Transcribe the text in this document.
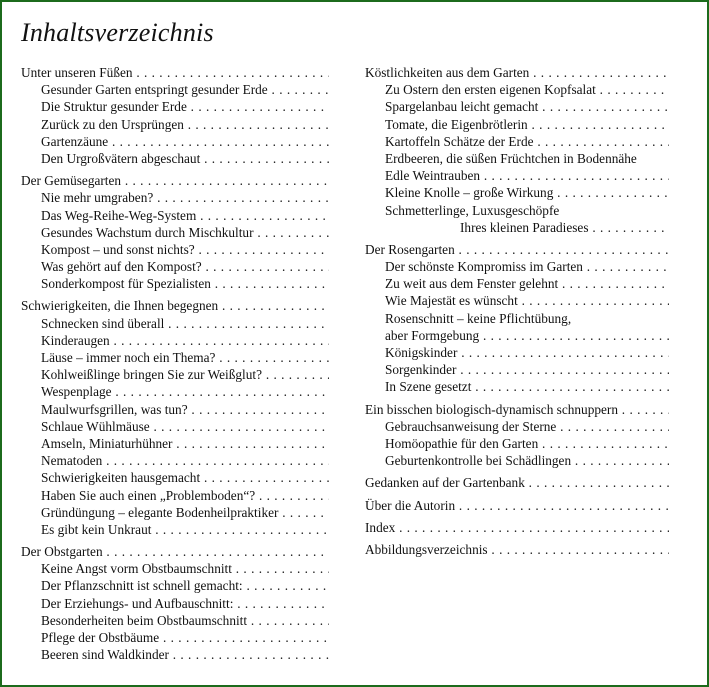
Inhaltsverzeichnis
Unter unseren Füßen . . .
Gesunder Garten entspringt gesunder Erde . . .
Die Struktur gesunder Erde . . .
Zurück zu den Ursprüngen . . .
Gartenzäune . . .
Den Urgroßvätern abgeschaut . . .
Der Gemüsegarten . . .
Nie mehr umgraben? . . .
Das Weg-Reihe-Weg-System . . .
Gesundes Wachstum durch Mischkultur . . .
Kompost – und sonst nichts? . . .
Was gehört auf den Kompost? . . .
Sonderkompost für Spezialisten . . .
Schwierigkeiten, die Ihnen begegnen . . .
Schnecken sind überall . . .
Kinderaugen . . .
Läuse – immer noch ein Thema? . . .
Kohlweißlinge bringen Sie zur Weißglut? . . .
Wespenplage . . .
Maulwurfsgrillen, was tun? . . .
Schlaue Wühlmäuse . . .
Amseln, Miniaturhühner . . .
Nematoden . . .
Schwierigkeiten hausgemacht . . .
Haben Sie auch einen „Problemboden“? . . .
Gründüngung – elegante Bodenheilpraktiker . . .
Es gibt kein Unkraut . . .
Der Obstgarten . . .
Keine Angst vorm Obstbaumschnitt . . .
Der Pflanzschnitt ist schnell gemacht: . . .
Der Erziehungs- und Aufbauschnitt: . . .
Besonderheiten beim Obstbaumschnitt . . .
Pflege der Obstbäume . . .
Beeren sind Waldkinder . . .
Köstlichkeiten aus dem Garten . . .
Zu Ostern den ersten eigenen Kopfsalat . . .
Spargelanbau leicht gemacht . . .
Tomate, die Eigenbrötlerin . . .
Kartoffeln Schätze der Erde . . .
Erdbeeren, die süßen Früchtchen in Bodennähe
Edle Weintrauben . . .
Kleine Knolle – große Wirkung . . .
Schmetterlinge, Luxusgeschöpfe
Ihres kleinen Paradieses . . .
Der Rosengarten . . .
Der schönste Kompromiss im Garten . . .
Zu weit aus dem Fenster gelehnt . . .
Wie Majestät es wünscht . . .
Rosenschnitt – keine Pflichtübung,
aber Formgebung . . .
Königskinder . . .
Sorgenkinder . . .
In Szene gesetzt . . .
Ein bisschen biologisch-dynamisch schnuppern . . .
Gebrauchsanweisung der Sterne . . .
Homöopathie für den Garten . . .
Geburtenkontrolle bei Schädlingen . . .
Gedanken auf der Gartenbank . . .
Über die Autorin . . .
Index . . .
Abbildungsverzeichnis . . .
